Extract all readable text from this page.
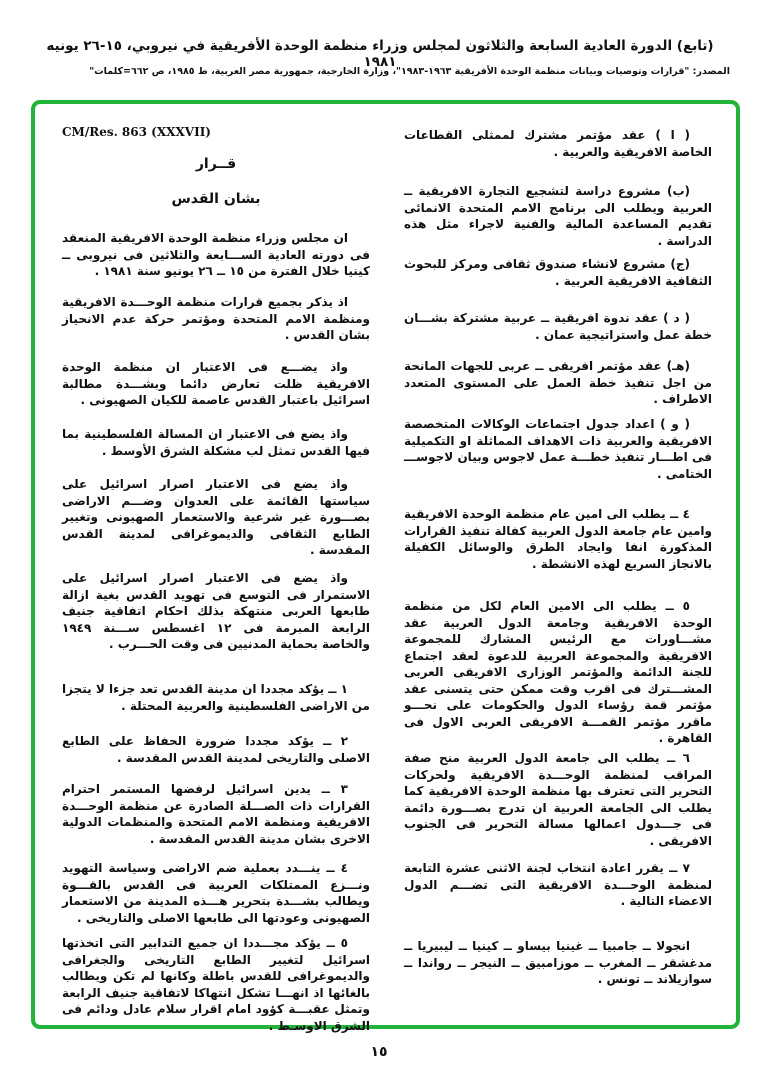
(تابع) الدورة العادية السابعة والثلاثون لمجلس وزراء منظمة الوحدة الأفريقية في نيروبي، ١٥-٢٦ يونيه ١٩٨١
المصدر: "قرارات وتوصيات وبيانات منظمة الوحدة الأفريقية ١٩٦٣-١٩٨٣"، وزارة الخارجية، جمهورية مصر العربية، ط ١٩٨٥، ص ٦٦٢=كلمات"
CM/Res. 863 (XXXVII)
قــرار
بشان القدس

ان مجلس وزراء منظمة الوحدة الافريقية المنعقد فى دورته العادية الســـابعة والثلاثين فى نيروبى ــ كينيا خلال الفترة من ١٥ ــ ٢٦ يونيو سنة ١٩٨١ .

اذ يذكر بجميع قرارات منظمة الوحـــدة الافريقية ومنظمة الامم المتحدة ومؤتمر حركة عدم الانحياز بشان القدس .

واذ يضـــع فى الاعتبار ان منظمة الوحدة الافريقية ظلت تعارض دائما وبشـــدة مطالبة اسرائيل باعتبار القدس عاصمة للكيان الصهيونى .

واذ يضع فى الاعتبار ان المسالة الفلسطينية بما فيها القدس تمثل لب مشكلة الشرق الأوسط .

واذ يضع فى الاعتبار اصرار اسرائيل على سياستها القائمة على العدوان وضـــم الاراضى بصـــورة غير شرعية والاستعمار الصهيونى وتغيير الطابع الثقافى والديموغرافى لمدينة القدس المقدسة .

واذ يضع فى الاعتبار اصرار اسرائيل على الاستمرار فى التوسع فى تهويد القدس بغية ازالة طابعها العربى منتهكة بذلك احكام اتفاقية جنيف الرابعة المبرمة فى ١٢ اغسطس ســـنة ١٩٤٩ والخاصة بحماية المدنيين فى وقت الحـــرب .

١ ــ يؤكد مجددا ان مدينة القدس تعد جزءا لا يتجزا من الاراضى الفلسطينية والعربية المحتلة .

٢ ــ يؤكد مجددا ضرورة الحفاظ على الطابع الاصلى والتاريخى لمدينة القدس المقدسة .

٣ ــ يدين اسرائيل لرفضها المستمر احترام القرارات ذات الصـــلة الصادرة عن منظمة الوحـــدة الافريقية ومنظمة الامم المتحدة والمنظمات الدولية الاخرى بشان مدينة القدس المقدسة .

٤ ــ ينـــدد بعملية ضم الاراضى وسياسة التهويد ونـــزع الممتلكات العربية فى القدس بالقـــوة ويطالب بشـــدة بتحرير هـــذه المدينة من الاستعمار الصهيونى وعودتها الى طابعها الاصلى والتاريخى .

٥ ــ يؤكد مجـــددا ان جميع التدابير التى اتخذتها اسرائيل لتغيير الطابع التاريخى والجغرافى والديموغرافى للقدس باطلة وكانها لم تكن ويطالب بالغائها اذ انهـــا تشكل انتهاكا لاتفاقية جنيف الرابعة وتمثل عقبـــة كؤود امام اقرار سلام عادل ودائم فى الشرق الاوسـط .

( ا ) عقد مؤتمر مشترك لممثلى القطاعات الخاصة الافريقية والعربية .

(ب) مشروع دراسة لتشجيع التجارة الافريقية ــ العربية ويطلب الى برنامج الامم المتحدة الانمائى تقديم المساعدة المالية والفنية لاجراء مثل هذه الدراسة .

(ج) مشروع لانشاء صندوق ثقافى ومركز للبحوث الثقافية الافريقية العربية .

( د ) عقد ندوة افريقية ــ عربية مشتركة بشـــان خطة عمل واستراتيجية عمان .

(هـ) عقد مؤتمر افريقى ــ عربى للجهات المانحة من اجل تنفيذ خطة العمل على المستوى المتعدد الاطراف .

( و ) اعداد جدول اجتماعات الوكالات المتخصصة الافريقية والعربية ذات الاهداف المماثلة او التكميلية فى اطـــار تنفيذ خطـــة عمل لاجوس وبيان لاجوســـ الختامى .

٤ ــ يطلب الى امين عام منظمة الوحدة الافريقية وامين عام جامعة الدول العربية كفالة تنفيذ القرارات المذكورة انفا وايجاد الطرق والوسائل الكفيلة بالانجاز السريع لهذه الانشطة .

٥ ــ يطلب الى الامين العام لكل من منظمة الوحدة الافريقية وجامعة الدول العربية عقد مشـــاورات مع الرئيس المشارك للمجموعة الافريقية والمجموعة العربية للدعوة لعقد اجتماع للجنة الدائمة والمؤتمر الوزارى الافريقى العربى المشـــترك فى اقرب وقت ممكن حتى يتسنى عقد مؤتمر قمة رؤساء الدول والحكومات على نحـــو ماقرر مؤتمر القمـــة الافريقى العربى الاول فى القاهرة .

٦ ــ يطلب الى جامعة الدول العربية منح صفة المراقب لمنظمة الوحـــدة الافريقية ولحركات التحرير التى تعترف بها منظمة الوحدة الافريقية كما يطلب الى الجامعة العربية ان تدرج بصـــورة دائمة فى جـــدول اعمالها مسالة التحرير فى الجنوب الافريقى .

٧ ــ يقرر اعادة انتخاب لجنة الاثنى عشرة التابعة لمنظمة الوحـــدة الافريقية التى تضـــم الدول الاعضاء التالية .

انجولا ــ جامبيا ــ غينيا بيساو ــ كينيا ــ ليبيريا ــ مدغشقر ــ المغرب ــ موزامبيق ــ النيجر ــ رواندا ــ سوازيلاند ــ تونس .

١٥
